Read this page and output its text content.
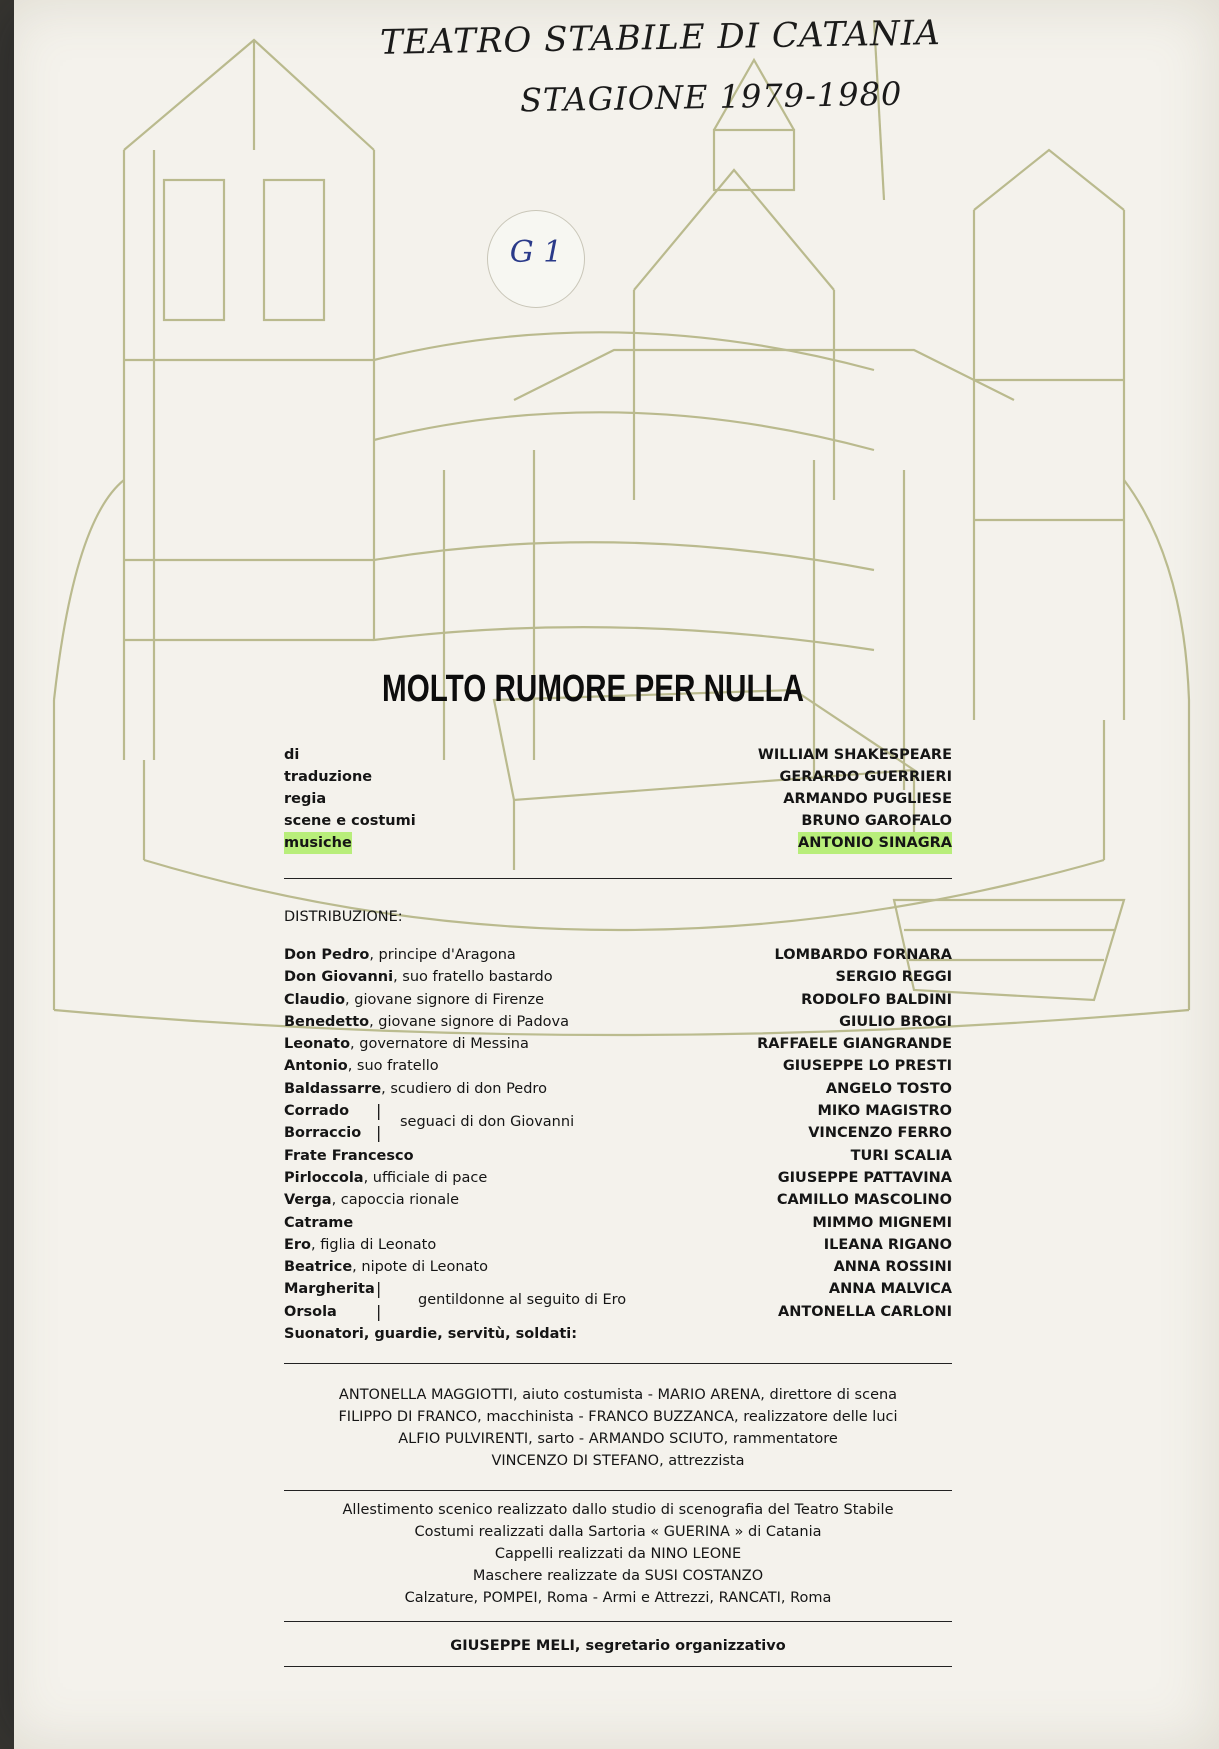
TEATRO STABILE DI CATANIA
STAGIONE 1979-1980
G 1
MOLTO RUMORE PER NULLA
di	WILLIAM SHAKESPEARE
traduzione	GERARDO GUERRIERI
regia	ARMANDO PUGLIESE
scene e costumi	BRUNO GAROFALO
musiche	ANTONIO SINAGRA
DISTRIBUZIONE:
Don Pedro, principe d'Aragona	LOMBARDO FORNARA
Don Giovanni, suo fratello bastardo	SERGIO REGGI
Claudio, giovane signore di Firenze	RODOLFO BALDINI
Benedetto, giovane signore di Padova	GIULIO BROGI
Leonato, governatore di Messina	RAFFAELE GIANGRANDE
Antonio, suo fratello	GIUSEPPE LO PRESTI
Baldassarre, scudiero di don Pedro	ANGELO TOSTO
Corrado |	MIKO MAGISTRO
Borraccio |	VINCENZO FERRO
Frate Francesco	TURI SCALIA
Pirloccola, ufficiale di pace	GIUSEPPE PATTAVINA
Verga, capoccia rionale	CAMILLO MASCOLINO
Catrame	MIMMO MIGNEMI
Ero, figlia di Leonato	ILEANA RIGANO
Beatrice, nipote di Leonato	ANNA ROSSINI
Margherita |	ANNA MALVICA
Orsola |	ANTONELLA CARLONI
Suonatori, guardie, servitù, soldati:
seguaci di don Giovanni
gentildonne al seguito di Ero
ANTONELLA MAGGIOTTI, aiuto costumista - MARIO ARENA, direttore di scena
FILIPPO DI FRANCO, macchinista - FRANCO BUZZANCA, realizzatore delle luci
ALFIO PULVIRENTI, sarto - ARMANDO SCIUTO, rammentatore
VINCENZO DI STEFANO, attrezzista
Allestimento scenico realizzato dallo studio di scenografia del Teatro Stabile
Costumi realizzati dalla Sartoria « GUERINA » di Catania
Cappelli realizzati da NINO LEONE
Maschere realizzate da SUSI COSTANZO
Calzature, POMPEI, Roma - Armi e Attrezzi, RANCATI, Roma
GIUSEPPE MELI, segretario organizzativo
